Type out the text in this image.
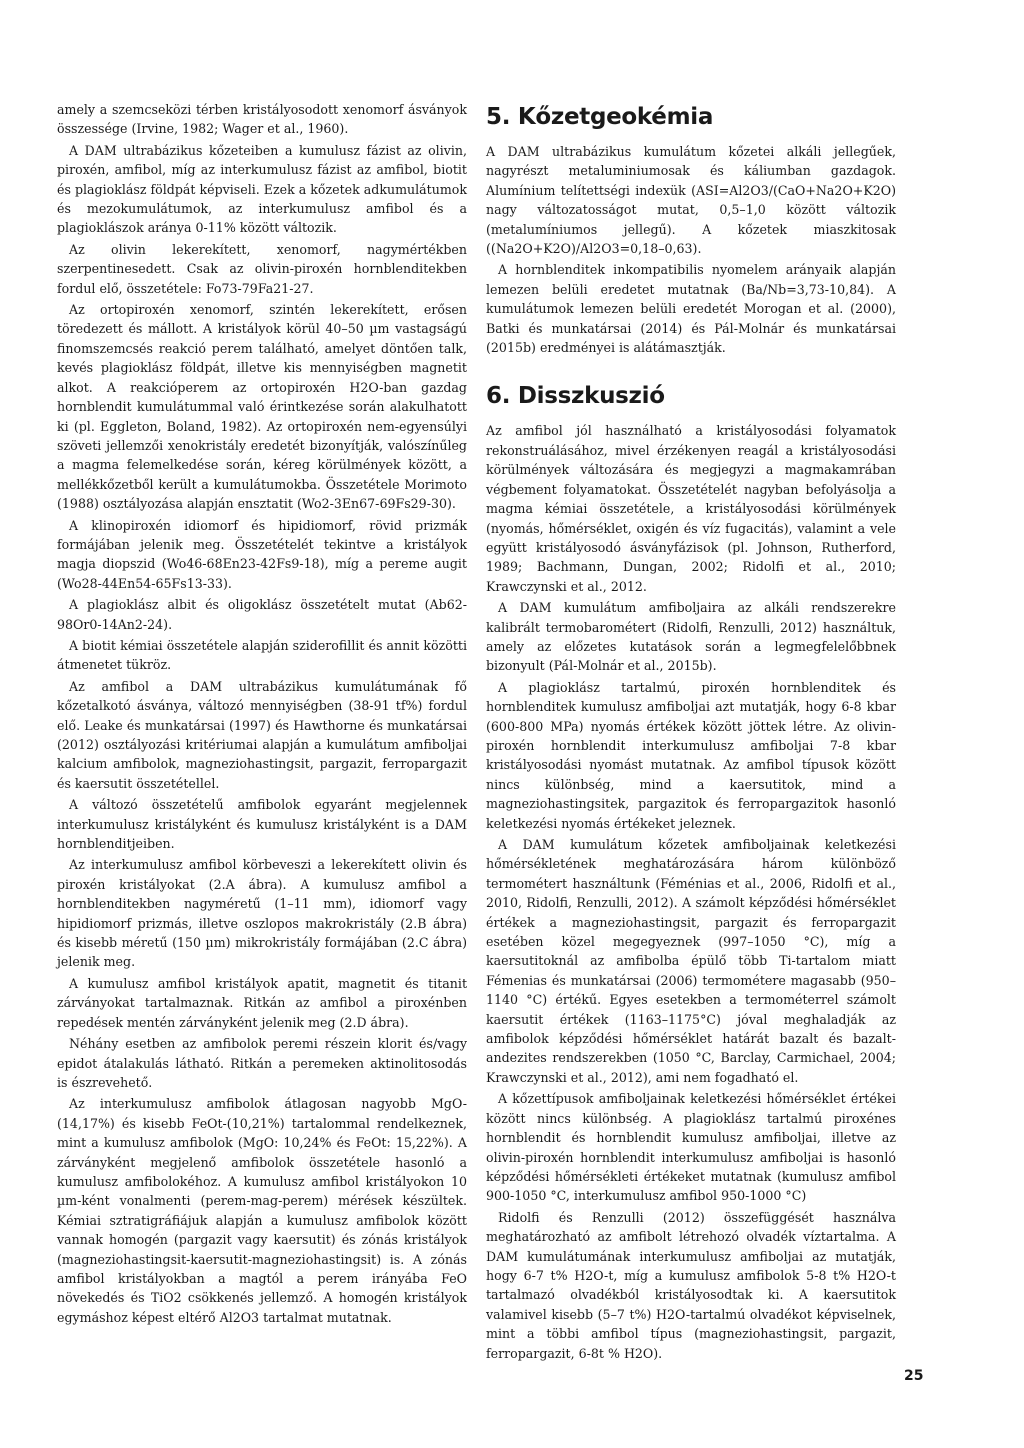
amely a szemcseközi térben kristályosodott xenomorf ásványok összessége (Irvine, 1982; Wager et al., 1960).

A DAM ultrabázikus kőzeteiben a kumulusz fázist az olivin, piroxén, amfibol, míg az interkumulusz fázist az amfibol, biotit és plagioklász földpát képviseli. Ezek a kőzetek adkumulátumok és mezokumulátumok, az interkumulusz amfibol és a plagioklászok aránya 0-11% között változik.

Az olivin lekerekített, xenomorf, nagymértékben szerpentinesedett. Csak az olivin-piroxén hornblenditekben fordul elő, összetétele: Fo73-79Fa21-27.

Az ortopiroxén xenomorf, szintén lekerekített, erősen töredezett és mállott. A kristályok körül 40–50 µm vastagságú finomszemcsés reakció perem található, amelyet döntően talk, kevés plagioklász földpát, illetve kis mennyiségben magnetit alkot. A reakcióperem az ortopiroxén H2O-ban gazdag hornblendit kumulátummal való érintkezése során alakulhatott ki (pl. Eggleton, Boland, 1982). Az ortopiroxén nem-egyensúlyi szöveti jellemzői xenokristály eredetét bizonyítják, valószínűleg a magma felemelkedése során, kéreg körülmények között, a mellékkőzetből került a kumulátumokba. Összetétele Morimoto (1988) osztályozása alapján ensztatit (Wo2-3En67-69Fs29-30).

A klinopiroxén idiomorf és hipidiomorf, rövid prizmák formájában jelenik meg. Összetételét tekintve a kristályok magja diopszid (Wo46-68En23-42Fs9-18), míg a pereme augit (Wo28-44En54-65Fs13-33).

A plagioklász albit és oligoklász összetételt mutat (Ab62-98Or0-14An2-24).

A biotit kémiai összetétele alapján sziderofillit és annit közötti átmenetet tükröz.

Az amfibol a DAM ultrabázikus kumulátumának fő kőzetalkotó ásványa, változó mennyiségben (38-91 tf%) fordul elő. Leake és munkatársai (1997) és Hawthorne és munkatársai (2012) osztályozási kritériumai alapján a kumulátum amfiboljai kalcium amfibolok, magneziohastingsit, pargazit, ferropargazit és kaersutit összetétellel.

A változó összetételű amfibolok egyaránt megjelennek interkumulusz kristályként és kumulusz kristályként is a DAM hornblenditjeiben.

Az interkumulusz amfibol körbeveszi a lekerekített olivin és piroxén kristályokat (2.A ábra). A kumulusz amfibol a hornblenditekben nagyméretű (1–11 mm), idiomorf vagy hipidiomorf prizmás, illetve oszlopos makrokristály (2.B ábra) és kisebb méretű (150 µm) mikrokristály formájában (2.C ábra) jelenik meg.

A kumulusz amfibol kristályok apatit, magnetit és titanit zárványokat tartalmaznak. Ritkán az amfibol a piroxénben repedések mentén zárványként jelenik meg (2.D ábra).

Néhány esetben az amfibolok peremi részein klorit és/vagy epidot átalakulás látható. Ritkán a peremeken aktinolitosodás is észrevehető.

Az interkumulusz amfibolok átlagosan nagyobb MgO-(14,17%) és kisebb FeOt-(10,21%) tartalommal rendelkeznek, mint a kumulusz amfibolok (MgO: 10,24% és FeOt: 15,22%). A zárványként megjelenő amfibolok összetétele hasonló a kumulusz amfibolokéhoz. A kumulusz amfibol kristályokon 10 µm-ként vonalmenti (perem-mag-perem) mérések készültek. Kémiai sztratigráfiájuk alapján a kumulusz amfibolok között vannak homogén (pargazit vagy kaersutit) és zónás kristályok (magneziohastingsit-kaersutit-magneziohastingsit) is. A zónás amfibol kristályokban a magtól a perem irányába FeO növekedés és TiO2 csökkenés jellemző. A homogén kristályok egymáshoz képest eltérő Al2O3 tartalmat mutatnak.

5. Kőzetgeokémia

A DAM ultrabázikus kumulátum kőzetei alkáli jellegűek, nagyrészt metaluminiumosak és káliumban gazdagok. Alumínium telítettségi indexük (ASI=Al2O3/(CaO+Na2O+K2O) nagy változatosságot mutat, 0,5–1,0 között változik (metalumíniumos jellegű). A kőzetek miaszkitosak ((Na2O+K2O)/Al2O3=0,18–0,63).

A hornblenditek inkompatibilis nyomelem arányaik alapján lemezen belüli eredetet mutatnak (Ba/Nb=3,73-10,84). A kumulátumok lemezen belüli eredetét Morogan et al. (2000), Batki és munkatársai (2014) és Pál-Molnár és munkatársai (2015b) eredményei is alátámasztják.

6. Disszkuszió

Az amfibol jól használható a kristályosodási folyamatok rekonstruálásához, mivel érzékenyen reagál a kristályosodási körülmények változására és megjegyzi a magmakamrában végbement folyamatokat. Összetételét nagyban befolyásolja a magma kémiai összetétele, a kristályosodási körülmények (nyomás, hőmérséklet, oxigén és víz fugacitás), valamint a vele együtt kristályosodó ásványfázisok (pl. Johnson, Rutherford, 1989; Bachmann, Dungan, 2002; Ridolfi et al., 2010; Krawczynski et al., 2012.

A DAM kumulátum amfiboljaira az alkáli rendszerekre kalibrált termobarométert (Ridolfi, Renzulli, 2012) használtuk, amely az előzetes kutatások során a legmegfelelőbbnek bizonyult (Pál-Molnár et al., 2015b).

A plagioklász tartalmú, piroxén hornblenditek és hornblenditek kumulusz amfiboljai azt mutatják, hogy 6-8 kbar (600-800 MPa) nyomás értékek között jöttek létre. Az olivin-piroxén hornblendit interkumulusz amfiboljai 7-8 kbar kristályosodási nyomást mutatnak. Az amfibol típusok között nincs különbség, mind a kaersutitok, mind a magneziohastingsitek, pargazitok és ferropargazitok hasonló keletkezési nyomás értékeket jeleznek.

A DAM kumulátum kőzetek amfiboljainak keletkezési hőmérsékletének meghatározására három különböző termométert használtunk (Féménias et al., 2006, Ridolfi et al., 2010, Ridolfi, Renzulli, 2012). A számolt képződési hőmérséklet értékek a magneziohastingsit, pargazit és ferropargazit esetében közel megegyeznek (997–1050 °C), míg a kaersutitoknál az amfibolba épülő több Ti-tartalom miatt Fémenias és munkatársai (2006) termométere magasabb (950–1140 °C) értékű. Egyes esetekben a termométerrel számolt kaersutit értékek (1163–1175°C) jóval meghaladják az amfibolok képződési hőmérséklet határát bazalt és bazalt-andezites rendszerekben (1050 °C, Barclay, Carmichael, 2004; Krawczynski et al., 2012), ami nem fogadható el.

A kőzettípusok amfiboljainak keletkezési hőmérséklet értékei között nincs különbség. A plagioklász tartalmú piroxénes hornblendit és hornblendit kumulusz amfiboljai, illetve az olivin-piroxén hornblendit interkumulusz amfiboljai is hasonló képződési hőmérsékleti értékeket mutatnak (kumulusz amfibol 900-1050 °C, interkumulusz amfibol 950-1000 °C)

Ridolfi és Renzulli (2012) összefüggését használva meghatározható az amfibolt létrehozó olvadék víztartalma. A DAM kumulátumának interkumulusz amfiboljai az mutatják, hogy 6-7 t% H2O-t, míg a kumulusz amfibolok 5-8 t% H2O-t tartalmazó olvadékból kristályosodtak ki. A kaersutitok valamivel kisebb (5–7 t%) H2O-tartalmú olvadékot képviselnek, mint a többi amfibol típus (magneziohastingsit, pargazit, ferropargazit, 6-8t % H2O).

25
